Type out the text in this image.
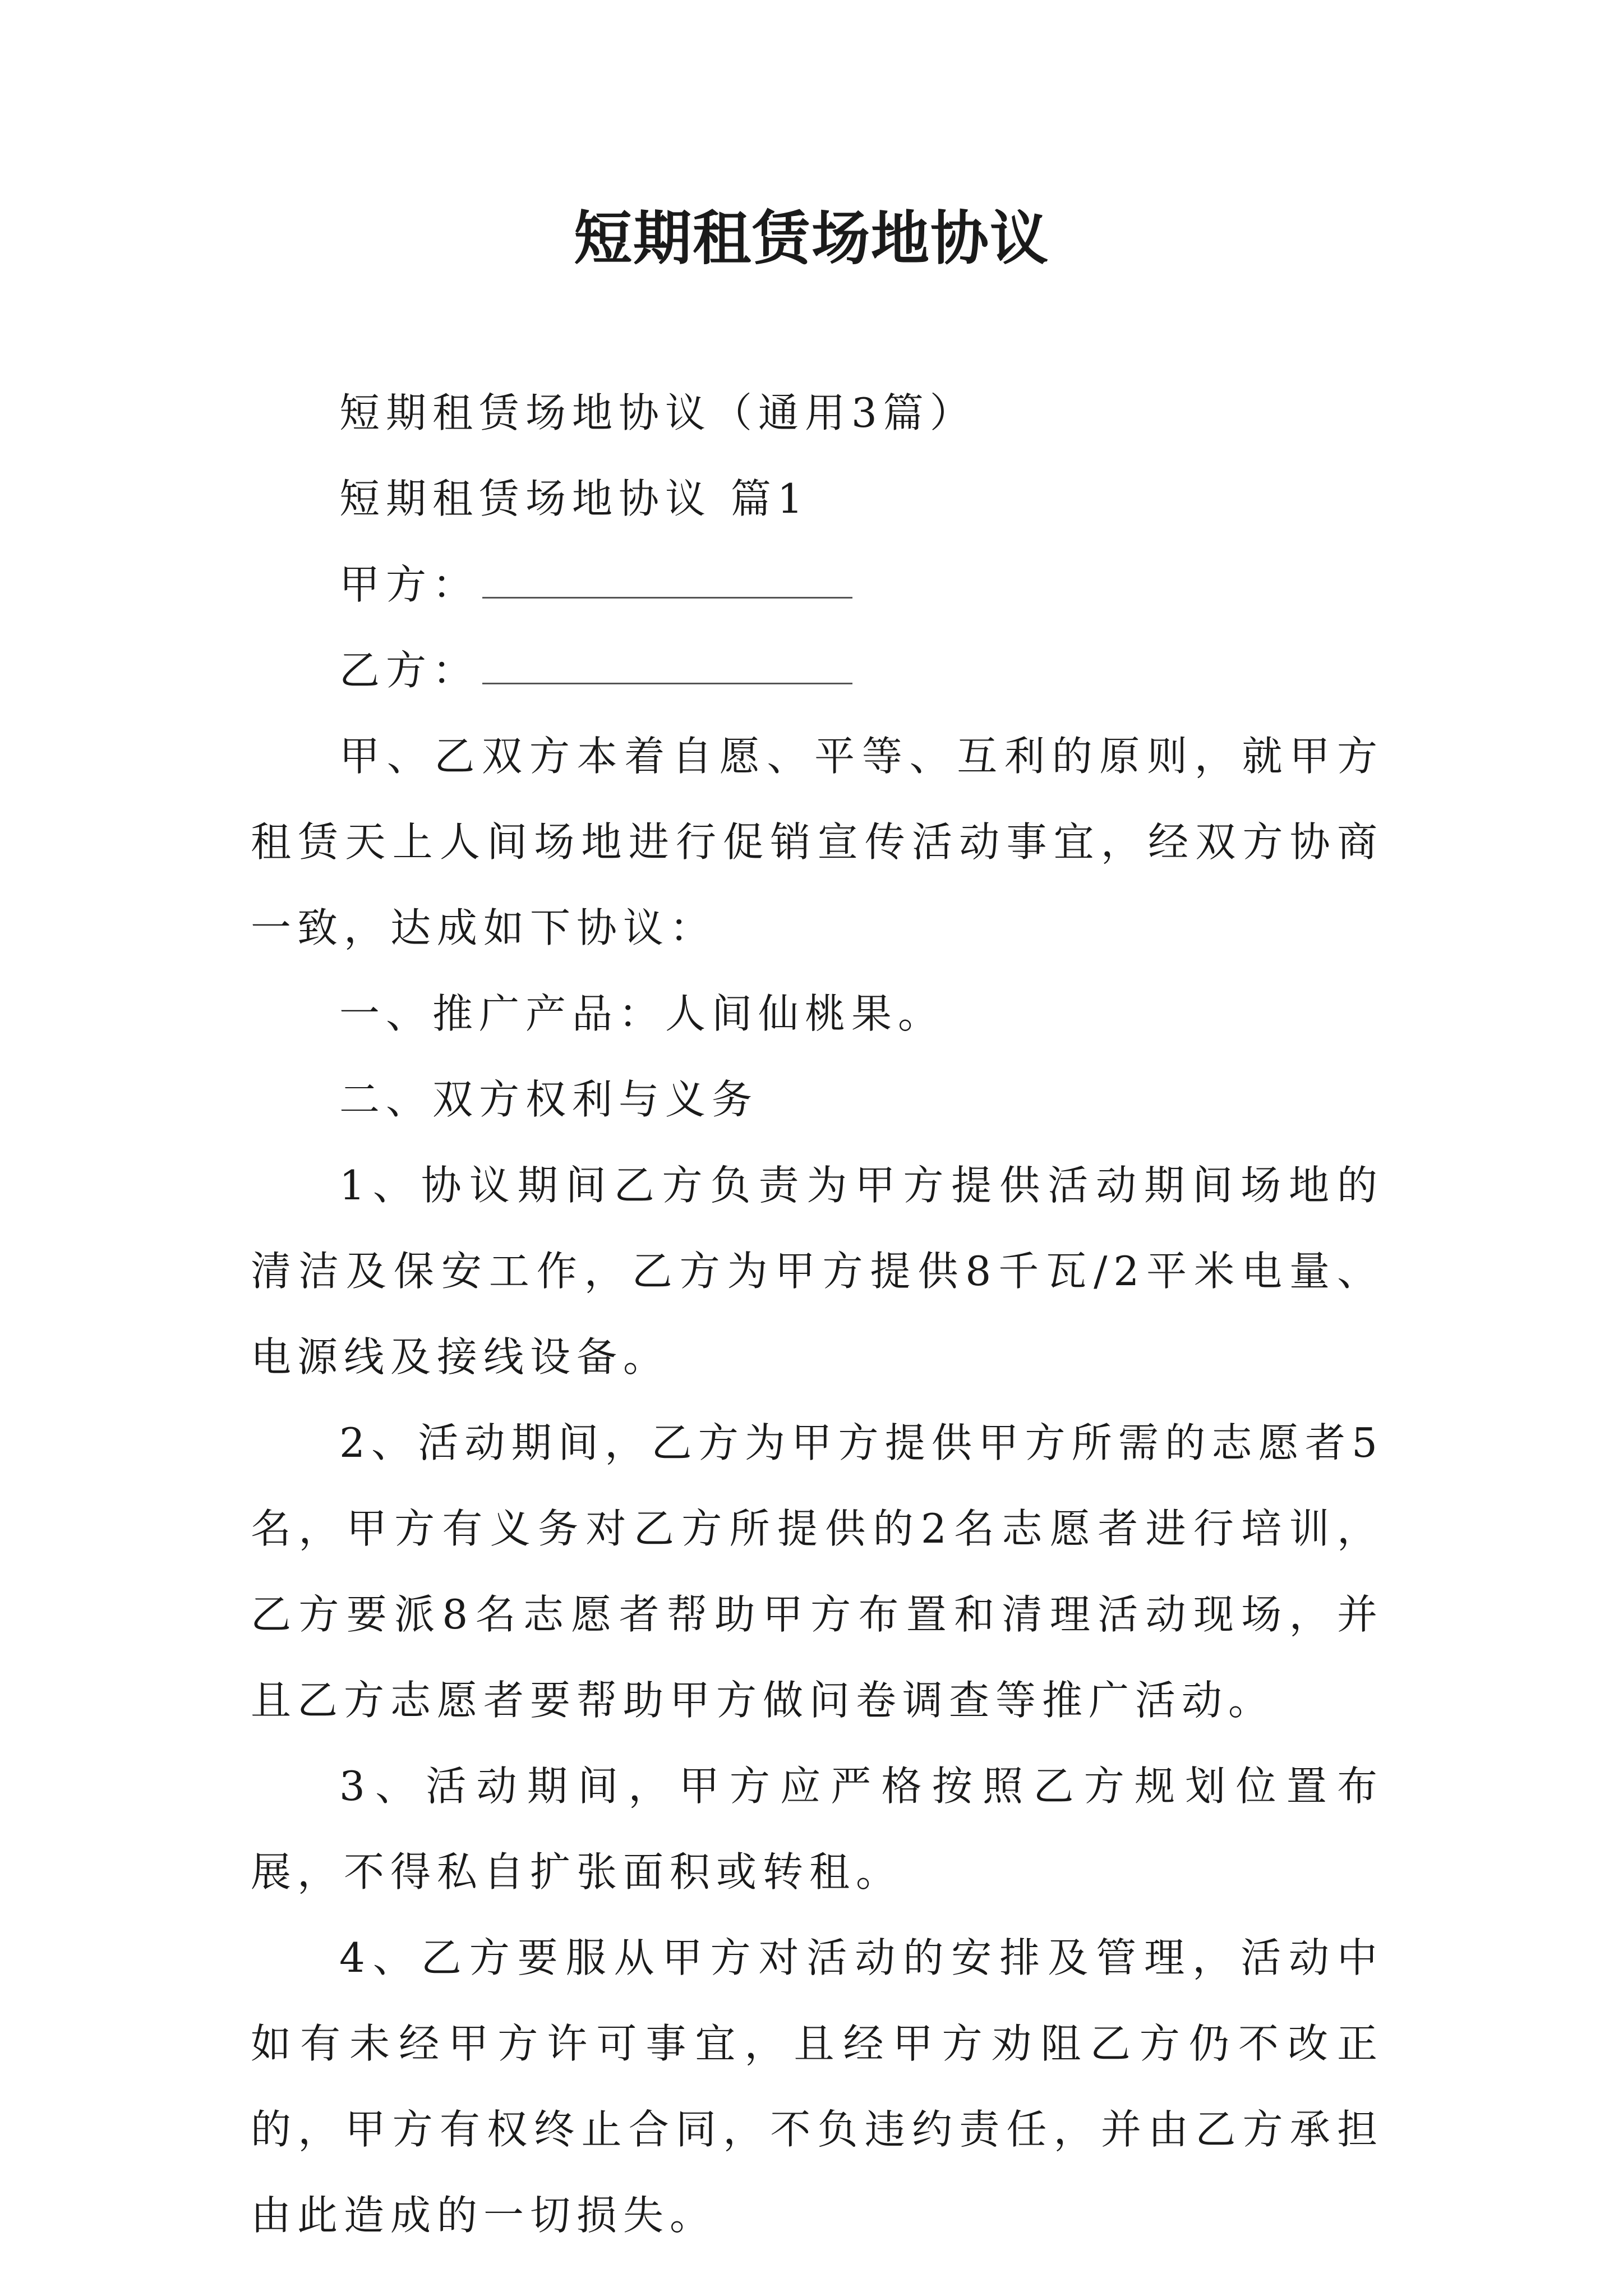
短期租赁场地协议

短期租赁场地协议（通用3篇）

短期租赁场地协议 篇1

甲方：

乙方：

甲、乙双方本着自愿、平等、互利的原则，就甲方租赁天上人间场地进行促销宣传活动事宜，经双方协商一致，达成如下协议：

一、推广产品：人间仙桃果。

二、双方权利与义务

1、协议期间乙方负责为甲方提供活动期间场地的清洁及保安工作，乙方为甲方提供8千瓦/2平米电量、电源线及接线设备。

2、活动期间，乙方为甲方提供甲方所需的志愿者5名，甲方有义务对乙方所提供的2名志愿者进行培训，乙方要派8名志愿者帮助甲方布置和清理活动现场，并且乙方志愿者要帮助甲方做问卷调查等推广活动。

3、活动期间，甲方应严格按照乙方规划位置布展，不得私自扩张面积或转租。

4、乙方要服从甲方对活动的安排及管理，活动中如有未经甲方许可事宜，且经甲方劝阻乙方仍不改正的，甲方有权终止合同，不负违约责任，并由乙方承担由此造成的一切损失。
